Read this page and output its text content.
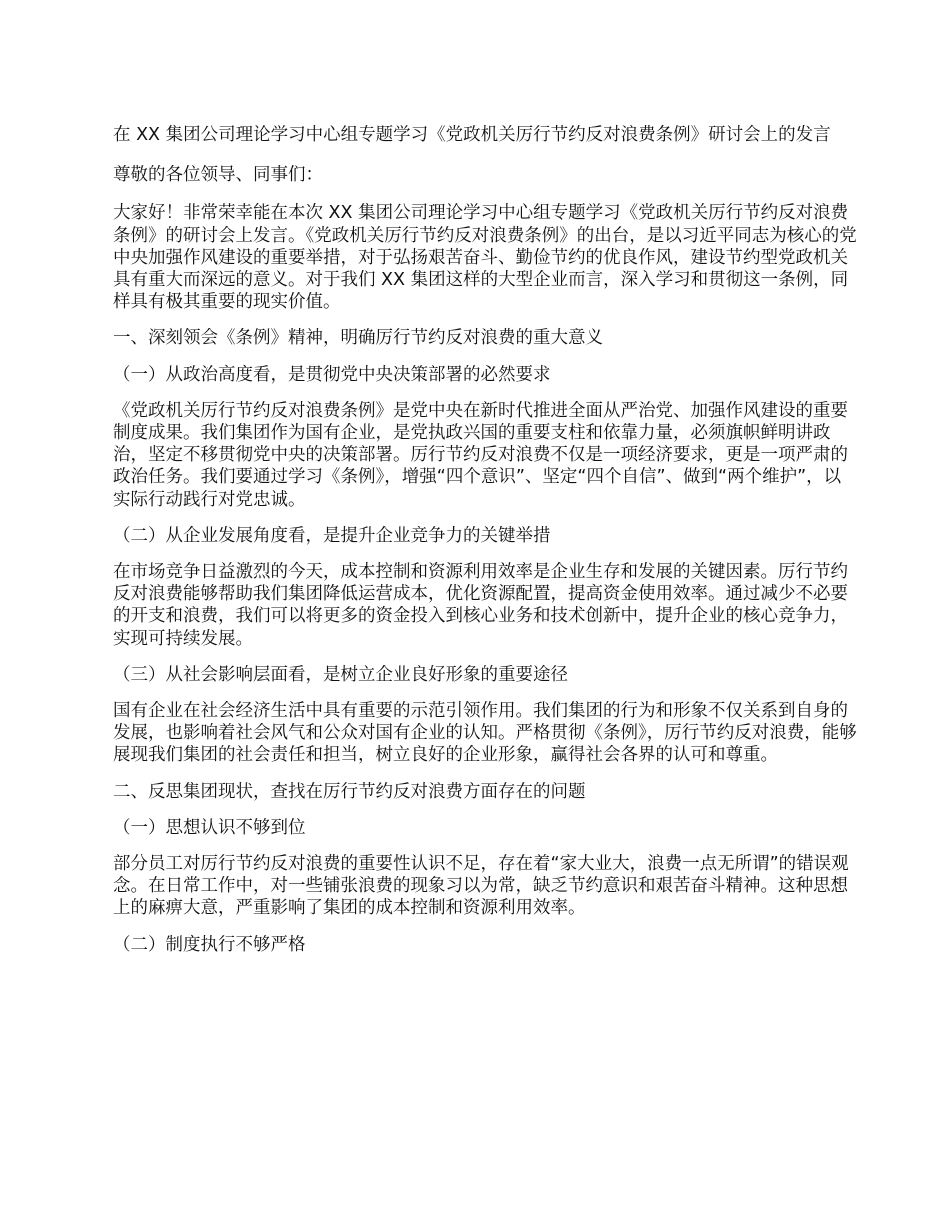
在 XX 集团公司理论学习中心组专题学习《党政机关厉行节约反对浪费条例》研讨会上的发言

尊敬的各位领导、同事们：

大家好！非常荣幸能在本次 XX 集团公司理论学习中心组专题学习《党政机关厉行节约反对浪费条例》的研讨会上发言。《党政机关厉行节约反对浪费条例》的出台，是以习近平同志为核心的党中央加强作风建设的重要举措，对于弘扬艰苦奋斗、勤俭节约的优良作风，建设节约型党政机关具有重大而深远的意义。对于我们 XX 集团这样的大型企业而言，深入学习和贯彻这一条例，同样具有极其重要的现实价值。

一、深刻领会《条例》精神，明确厉行节约反对浪费的重大意义

（一）从政治高度看，是贯彻党中央决策部署的必然要求

《党政机关厉行节约反对浪费条例》是党中央在新时代推进全面从严治党、加强作风建设的重要制度成果。我们集团作为国有企业，是党执政兴国的重要支柱和依靠力量，必须旗帜鲜明讲政治，坚定不移贯彻党中央的决策部署。厉行节约反对浪费不仅是一项经济要求，更是一项严肃的政治任务。我们要通过学习《条例》，增强“四个意识”、坚定“四个自信”、做到“两个维护”，以实际行动践行对党忠诚。

（二）从企业发展角度看，是提升企业竞争力的关键举措

在市场竞争日益激烈的今天，成本控制和资源利用效率是企业生存和发展的关键因素。厉行节约反对浪费能够帮助我们集团降低运营成本，优化资源配置，提高资金使用效率。通过减少不必要的开支和浪费，我们可以将更多的资金投入到核心业务和技术创新中，提升企业的核心竞争力，实现可持续发展。

（三）从社会影响层面看，是树立企业良好形象的重要途径

国有企业在社会经济生活中具有重要的示范引领作用。我们集团的行为和形象不仅关系到自身的发展，也影响着社会风气和公众对国有企业的认知。严格贯彻《条例》，厉行节约反对浪费，能够展现我们集团的社会责任和担当，树立良好的企业形象，赢得社会各界的认可和尊重。

二、反思集团现状，查找在厉行节约反对浪费方面存在的问题

（一）思想认识不够到位

部分员工对厉行节约反对浪费的重要性认识不足，存在着“家大业大，浪费一点无所谓”的错误观念。在日常工作中，对一些铺张浪费的现象习以为常，缺乏节约意识和艰苦奋斗精神。这种思想上的麻痹大意，严重影响了集团的成本控制和资源利用效率。

（二）制度执行不够严格
